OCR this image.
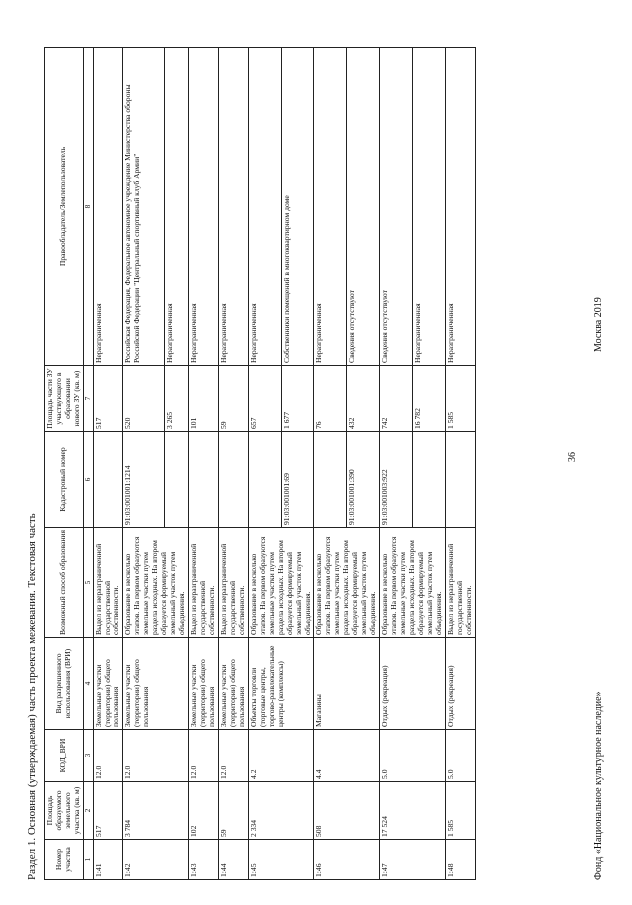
Раздел 1. Основная (утверждаемая) часть проекта межевания. Текстовая часть Номер участка	Площадь образуемого земельного участка (кв. м)	КОД_ВРИ	Вид разрешенного использования (ВРИ)	Возможный способ образования	Кадастровый номер	Площадь части ЗУ участвующего в образовании нового ЗУ (кв. м)	Правообладатель/Землепользователь
1	2	3	4	5	6	7	8
1:41	517	12.0	Земельные участки (территории) общего пользования	Выдел из неразграниченной государственной собственности.		517	Неразграниченная
1:42	3 784	12.0	Земельные участки (территории) общего пользования	Образование в несколько этапов. На первом образуются земельные участки путем раздела исходных. На втором образуется формируемый земельный участок путем объединения.	91:03:001001:1214	520	Российская Федерация, Федеральное автономное учреждение Министерства обороны Российской Федерации "Центральный спортивный клуб Армии"
						3 265	Неразграниченная
1:43	102	12.0	Земельные участки (территории) общего пользования	Выдел из неразграниченной государственной собственности.		101	Неразграниченная
1:44	59	12.0	Земельные участки (территории) общего пользования	Выдел из неразграниченной государственной собственности.		59	Неразграниченная
1:45	2 334	4.2	Объекты торговли (торговые центры, торгово-развлекательные центры (комплексы)	Образование в несколько этапов. На первом образуются земельные участки путем раздела исходных. На втором образуется формируемый земельный участок путем объединения.		657	Неразграниченная
					91:03:001001:69	1 677	Собственники помещений в многоквартирном доме
1:46	508	4.4	Магазины	Образование в несколько этапов. На первом образуются земельные участки путем раздела исходных. На втором образуется формируемый земельный участок путем объединения.		76	Неразграниченная
					91:03:001001:390	432	Сведения отсутствуют
1:47	17 524	5.0	Отдых (рекреация)	Образование в несколько этапов. На первом образуются земельные участки путем раздела исходных. На втором образуется формируемый земельный участок путем объединения.	91:03:001003:922	742	Сведения отсутствуют
						16 782	Неразграниченная
1:48	1 585	5.0	Отдых (рекреация)	Выдел из неразграниченной государственной собственности.		1 585	Неразграниченная
36
Фонд «Национальное культурное наследие»
Москва 2019
